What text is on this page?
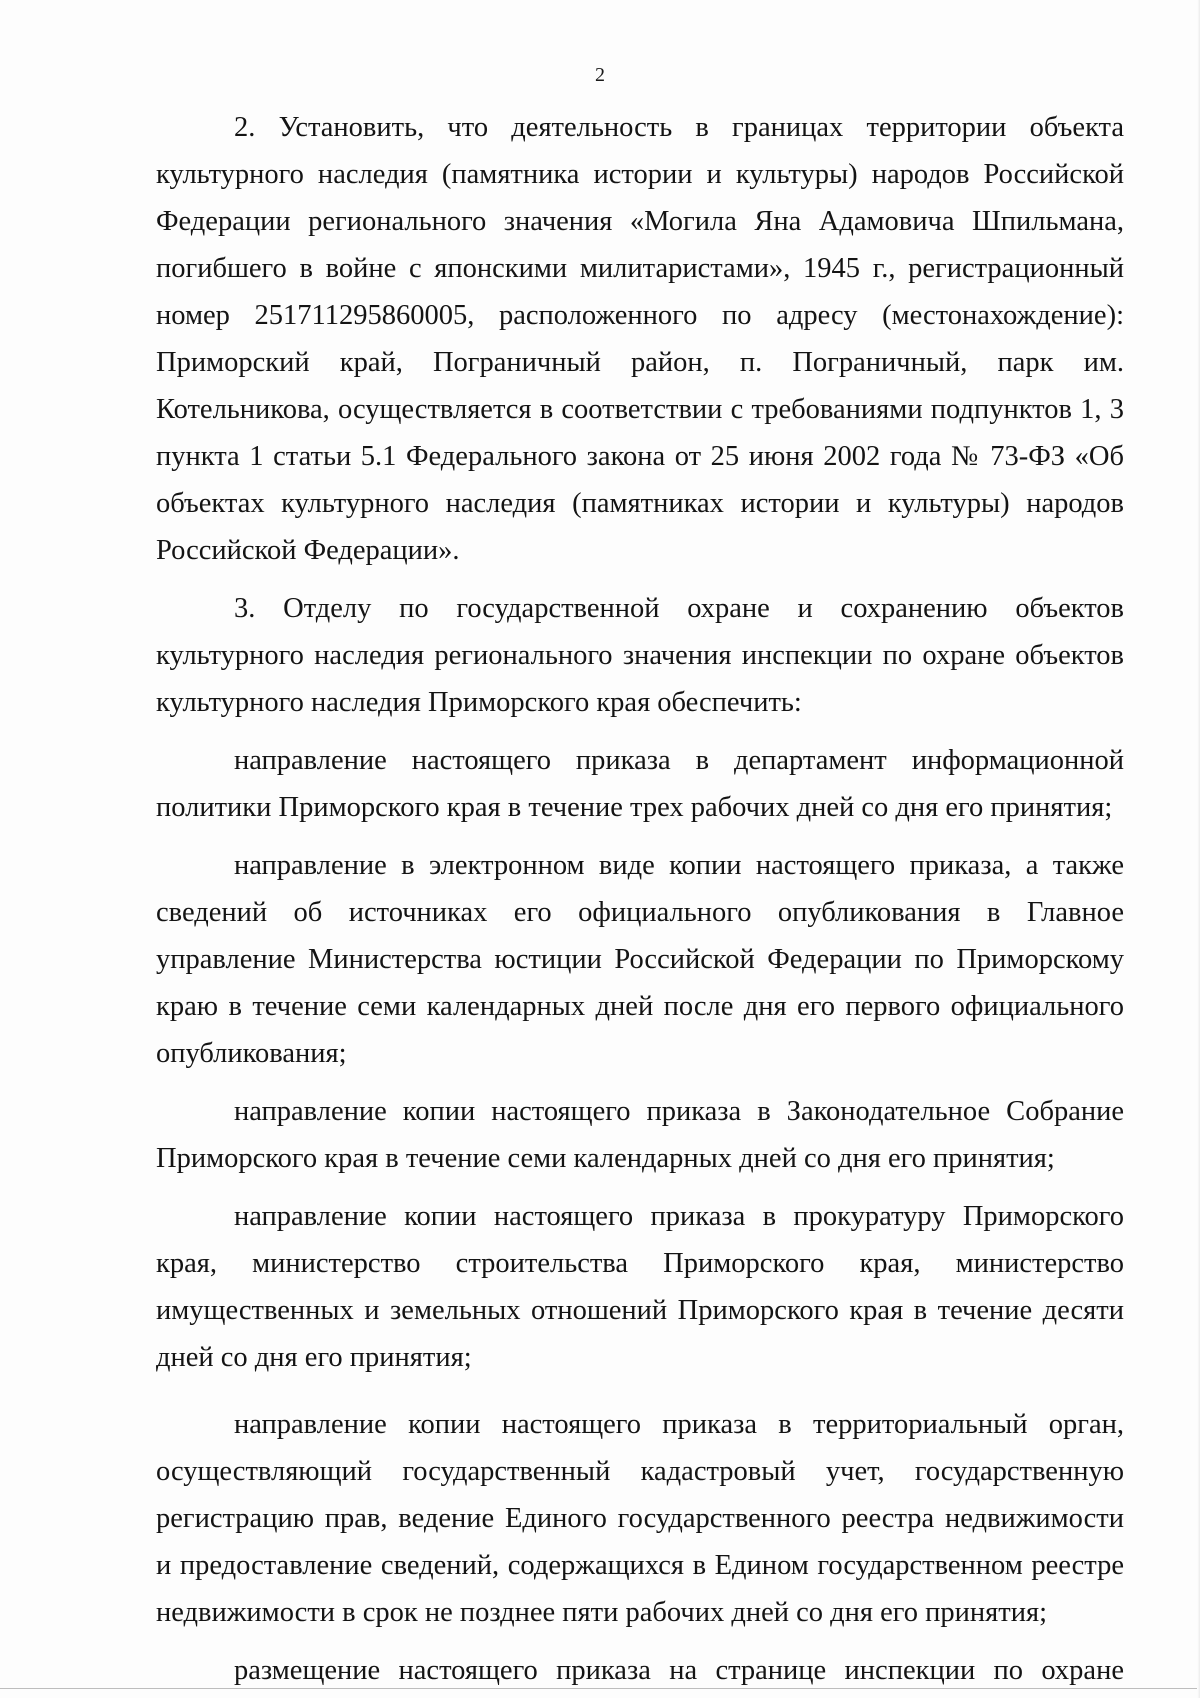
2

2. Установить, что деятельность в границах территории объекта культурного наследия (памятника истории и культуры) народов Российской Федерации регионального значения «Могила Яна Адамовича Шпильмана, погибшего в войне с японскими милитаристами», 1945 г., регистрационный номер 251711295860005, расположенного по адресу (местонахождение): Приморский край, Пограничный район, п. Пограничный, парк им. Котельникова, осуществляется в соответствии с требованиями подпунктов 1, 3 пункта 1 статьи 5.1 Федерального закона от 25 июня 2002 года № 73-ФЗ «Об объектах культурного наследия (памятниках истории и культуры) народов Российской Федерации».

3. Отделу по государственной охране и сохранению объектов культурного наследия регионального значения инспекции по охране объектов культурного наследия Приморского края обеспечить:

направление настоящего приказа в департамент информационной политики Приморского края в течение трех рабочих дней со дня его принятия;

направление в электронном виде копии настоящего приказа, а также сведений об источниках его официального опубликования в Главное управление Министерства юстиции Российской Федерации по Приморскому краю в течение семи календарных дней после дня его первого официального опубликования;

направление копии настоящего приказа в Законодательное Собрание Приморского края в течение семи календарных дней со дня его принятия;

направление копии настоящего приказа в прокуратуру Приморского края, министерство строительства Приморского края, министерство имущественных и земельных отношений Приморского края в течение десяти дней со дня его принятия;

направление копии настоящего приказа в территориальный орган, осуществляющий государственный кадастровый учет, государственную регистрацию прав, ведение Единого государственного реестра недвижимости и предоставление сведений, содержащихся в Едином государственном реестре недвижимости в срок не позднее пяти рабочих дней со дня его принятия;

размещение настоящего приказа на странице инспекции по охране
